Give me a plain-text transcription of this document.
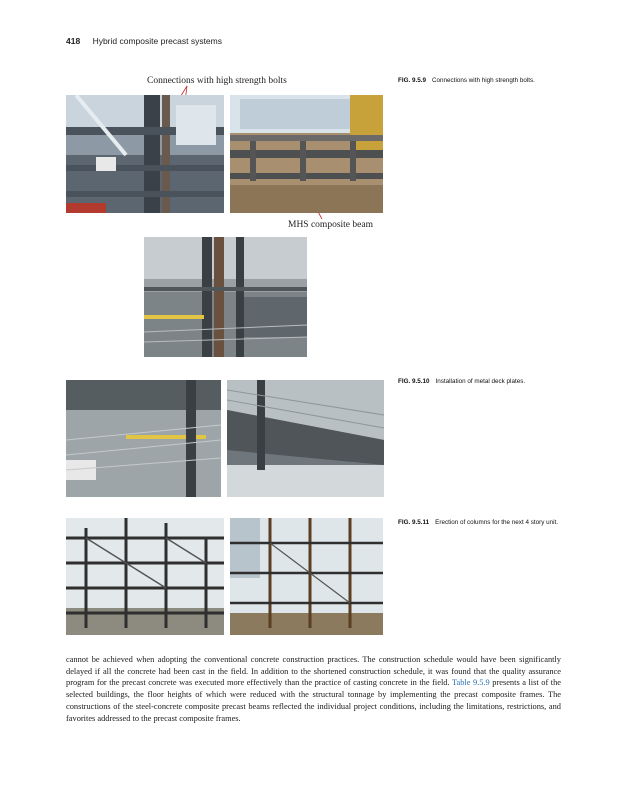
418 Hybrid composite precast systems
Connections with high strength bolts
MHS composite beam
FIG. 9.5.9 Connections with high strength bolts.
FIG. 9.5.10 Installation of metal deck plates.
FIG. 9.5.11 Erection of columns for the next 4 story unit.
cannot be achieved when adopting the conventional concrete construction practices. The construction schedule would have been significantly delayed if all the concrete had been cast in the field. In addition to the shortened construction schedule, it was found that the quality assurance program for the precast concrete was executed more effectively than the practice of casting concrete in the field. Table 9.5.9 presents a list of the selected buildings, the floor heights of which were reduced with the structural tonnage by implementing the precast composite frames. The constructions of the steel-concrete composite precast beams reflected the individual project conditions, including the limitations, restrictions, and favorites addressed to the precast composite frames.
